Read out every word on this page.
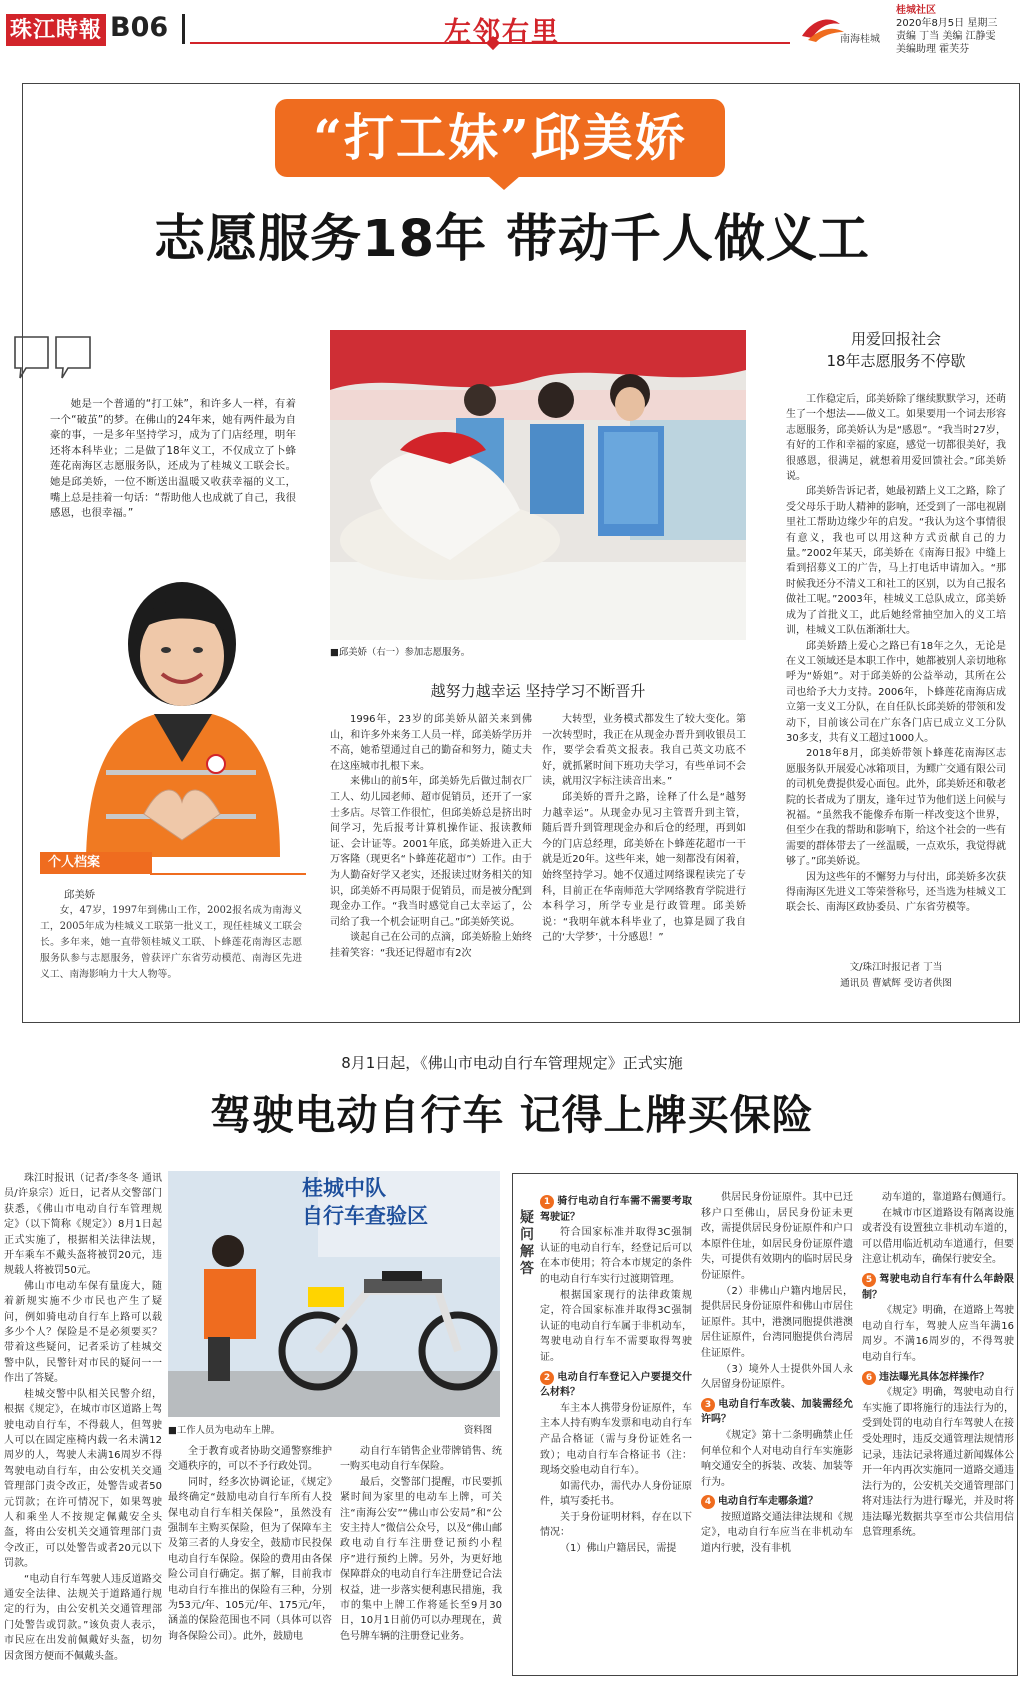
珠江時報 B06	左邻右里	南海桂城
桂城社区
2020年8月5日 星期三
责编 丁当 美编 江静雯
美编助理 霍芙芬
“打工妹”邱美娇
志愿服务18年 带动千人做义工
她是一个普通的“打工妹”，和许多人一样，有着一个“破茧”的梦。在佛山的24年来，她有两件最为自豪的事，一是多年坚持学习，成为了门店经理，明年还将本科毕业；二是做了18年义工，不仅成立了卜蜂莲花南海区志愿服务队，还成为了桂城义工联会长。她是邱美娇，一位不断送出温暖又收获幸福的义工，嘴上总是挂着一句话：“帮助他人也成就了自己，我很感恩，也很幸福。”
个人档案
邱美娇
女，47岁，1997年到佛山工作，2002报名成为南海义工，2005年成为桂城义工联第一批义工，现任桂城义工联会长。多年来，她一直带领桂城义工联、卜蜂莲花南海区志愿服务队参与志愿服务，曾获评广东省劳动模范、南海区先进义工、南海影响力十大人物等。
■邱美娇（右一）参加志愿服务。
用爱回报社会
18年志愿服务不停歇

工作稳定后，邱美娇除了继续默默学习，还萌生了一个想法——做义工。如果要用一个词去形容志愿服务，邱美娇认为是“感恩”。“我当时27岁，有好的工作和幸福的家庭，感觉一切都很美好，我很感恩，很满足，就想着用爱回馈社会。”邱美娇说。

邱美娇告诉记者，她最初踏上义工之路，除了受父母乐于助人精神的影响，还受到了一部电视剧里社工帮助边缘少年的启发。“我认为这个事情很有意义，我也可以用这种方式贡献自己的力量。”2002年某天，邱美娇在《南海日报》中缝上看到招募义工的广告，马上打电话申请加入。“那时候我还分不清义工和社工的区别，以为自己报名做社工呢。”2003年，桂城义工总队成立，邱美娇成为了首批义工，此后她经常抽空加入的义工培训，桂城义工队伍渐渐壮大。

邱美娇踏上爱心之路已有18年之久，无论是在义工领域还是本职工作中，她都被别人亲切地称呼为“娇姐”。对于邱美娇的公益举动，其所在公司也给予大力支持。2006年，卜蜂莲花南海店成立第一支义工分队，在自任队长邱美娇的带领和发动下，目前该公司在广东各门店已成立义工分队30多支，共有义工超过1000人。

2018年8月，邱美娇带领卜蜂莲花南海区志愿服务队开展爱心冰箱项目，为鳏广交通有限公司的司机免费提供爱心面包。此外，邱美娇还和敬老院的长者成为了朋友，逢年过节为他们送上问候与祝福。“虽然我不能像乔布斯一样改变这个世界，但至少在我的帮助和影响下，给这个社会的一些有需要的群体带去了一丝温暖，一点欢乐，我觉得就够了。”邱美娇说。

因为这些年的不懈努力与付出，邱美娇多次获得南海区先进义工等荣誉称号，还当选为桂城义工联会长、南海区政协委员、广东省劳模等。

越努力越幸运 坚持学习不断晋升

1996年，23岁的邱美娇从韶关来到佛山，和许多外来务工人员一样，邱美娇学历并不高，她希望通过自己的勤奋和努力，随丈夫在这座城市扎根下来。

来佛山的前5年，邱美娇先后做过制衣厂工人、幼儿园老师、超市促销员，还开了一家士多店。尽管工作很忙，但邱美娇总是挤出时间学习，先后报考计算机操作证、报读教师证、会计证等。2001年底，邱美娇进入正大万客隆（现更名“卜蜂莲花超市”）工作。由于为人勤奋好学又老实，还报读过财务相关的知识，邱美娇不再局限于促销员，而是被分配到现金办工作。“我当时感觉自己太幸运了，公司给了我一个机会证明自己。”邱美娇笑说。

谈起自己在公司的点滴，邱美娇脸上始终挂着笑容：“我还记得超市有2次

大转型，业务模式都发生了较大变化。第一次转型时，我正在从现金办晋升到收银员工作，要学会看英文报表。我自己英文功底不好，就抓紧时间下班功夫学习，有些单词不会读，就用汉字标注读音出来。”

邱美娇的晋升之路，诠释了什么是“越努力越幸运”。从现金办见习主管晋升到主管，随后晋升到管理现金办和后仓的经理，再到如今的门店总经理，邱美娇在卜蜂莲花超市一干就是近20年。这些年来，她一刻都没有闲着，始终坚持学习。她不仅通过网络课程读完了专科，目前正在华南师范大学网络教育学院进行本科学习，所学专业是行政管理。邱美娇说：“我明年就本科毕业了，也算是圆了我自己的‘大学梦’，十分感恩！”

文/珠江时报记者 丁当
通讯员 曹斌辉 受访者供图
8月1日起，《佛山市电动自行车管理规定》正式实施
驾驶电动自行车 记得上牌买保险

珠江时报讯（记者/李冬冬 通讯员/许泉宗）近日，记者从交警部门获悉，《佛山市电动自行车管理规定》（以下简称《规定》）8月1日起正式实施了，根据相关法律法规，开车乘车不戴头盔将被罚20元，违规载人将被罚50元。

佛山市电动车保有量庞大，随着新规实施不少市民也产生了疑问，例如骑电动自行车上路可以载多少个人？保险是不是必须要买？带着这些疑问，记者采访了桂城交警中队，民警针对市民的疑问一一作出了答疑。

桂城交警中队相关民警介绍，根据《规定》，在城市市区道路上驾驶电动自行车，不得载人，但驾驶人可以在固定座椅内载一名未满12周岁的人，驾驶人未满16周岁不得驾驶电动自行车，由公安机关交通管理部门责令改正，处警告或者50元罚款；在许可情况下，如果驾驶人和乘坐人不按规定佩戴安全头盔，将由公安机关交通管理部门责令改正，可以处警告或者20元以下罚款。

“电动自行车驾驶人违反道路交通安全法律、法规关于道路通行规定的行为，由公安机关交通管理部门处警告或罚款。”该负责人表示，市民应在出发前佩戴好头盔，切勿因贪图方便而不佩戴头盔。

桂城中队
自行车查验区
■工作人员为电动车上牌。	资料图

全于教育或者协助交通警察维护交通秩序的，可以不予行政处罚。

同时，经多次协调论证，《规定》最终确定“鼓励电动自行车所有人投保电动自行车相关保险”，虽然没有强制车主购买保险，但为了保障车主及第三者的人身安全，鼓励市民投保电动自行车保险。保险的费用由各保险公司自行确定。据了解，目前我市电动自行车推出的保险有三种，分别为53元/年、105元/年、175元/年，涵盖的保险范围也不同（具体可以咨询各保险公司）。此外，鼓励电

动自行车销售企业带牌销售、统一购买电动自行车保险。

最后，交警部门提醒，市民要抓紧时间为家里的电动车上牌，可关注“南海公安”“佛山市公安局”和“公安主持人”微信公众号，以及“佛山邮政电动自行车注册登记预约小程序”进行预约上牌。另外，为更好地保障群众的电动自行车注册登记合法权益，进一步落实便利惠民措施，我市的集中上牌工作将延长至9月30日，10月1日前仍可以办理现在，黄色号牌车辆的注册登记业务。

疑问解答

1 骑行电动自行车需不需要考取驾驶证？

符合国家标准并取得3C强制认证的电动自行车，经登记后可以在本市使用；符合本市规定的条件的电动自行车实行过渡期管理。

根据国家现行的法律政策规定，符合国家标准并取得3C强制认证的电动自行车属于非机动车，驾驶电动自行车不需要取得驾驶证。

2 电动自行车登记入户要提交什么材料？

车主本人携带身份证原件，车主本人持有购车发票和电动自行车产品合格证（需与身份证姓名一致）；电动自行车合格证书（注：现场交验电动自行车）。

如需代办，需代办人身份证原件，填写委托书。

关于身份证明材料，存在以下情况：

（1）佛山户籍居民，需提

供居民身份证原件。其中已迁移户口至佛山，居民身份证未更改，需提供居民身份证原件和户口本原件住址，如居民身份证原件遗失，可提供有效期内的临时居民身份证原件。

（2）非佛山户籍内地居民，提供居民身份证原件和佛山市居住证原件。其中，港澳同胞提供港澳居住证原件，台湾同胞提供台湾居住证原件。

（3）境外人士提供外国人永久居留身份证原件。

3 电动自行车改装、加装需经允许吗？

《规定》第十二条明确禁止任何单位和个人对电动自行车实施影响交通安全的拆装、改装、加装等行为。

4 电动自行车走哪条道？

按照道路交通法律法规和《规定》，电动自行车应当在非机动车道内行驶，没有非机

动车道的，靠道路右侧通行。

在城市市区道路设有隔离设施或者没有设置独立非机动车道的，可以借用临近机动车道通行，但要注意让机动车，确保行驶安全。

5 驾驶电动自行车有什么年龄限制？

《规定》明确，在道路上驾驶电动自行车，驾驶人应当年满16周岁。不满16周岁的，不得驾驶电动自行车。

6 违法曝光具体怎样操作？

《规定》明确，驾驶电动自行车实施了即将施行的违法行为的，受到处罚的电动自行车驾驶人在接受处理时，违反交通管理法规情形记录，违法记录将通过新闻媒体公开一年内再次实施同一道路交通违法行为的，公安机关交通管理部门将对违法行为进行曝光，并及时将违法曝光数据共享至市公共信用信息管理系统。
